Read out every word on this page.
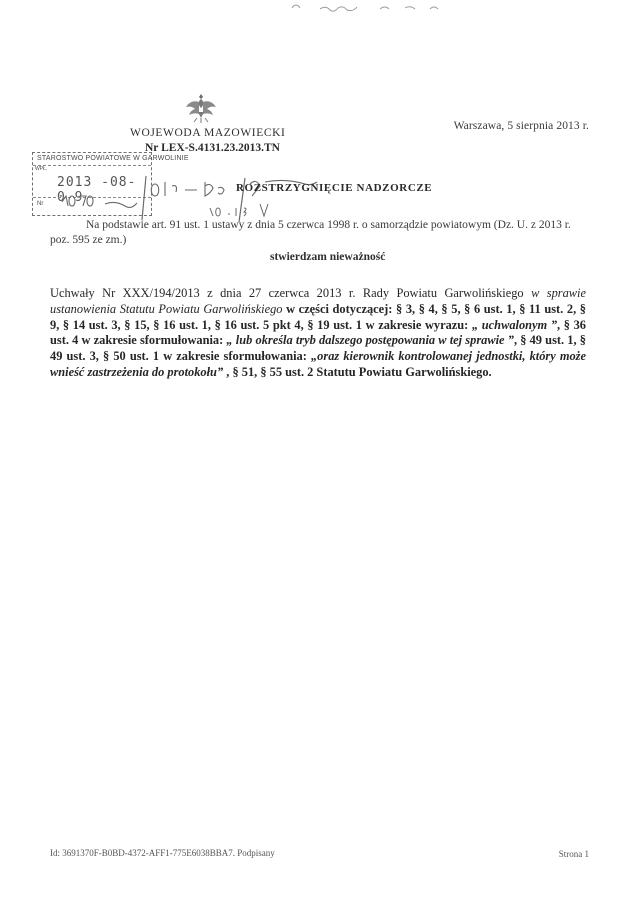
Warszawa, 5 sierpnia 2013 r.
WOJEWODA MAZOWIECKI
Nr LEX-S.4131.23.2013.TN
STAROSTWO POWIATOWE W GARWOLINIE
WPŁ.
2013 -08- 0 9
Nr
ROZSTRZYGNIĘCIE NADZORCZE
Na podstawie art. 91 ust. 1 ustawy z dnia 5 czerwca 1998 r. o samorządzie powiatowym (Dz. U. z 2013 r. poz. 595 ze zm.)
stwierdzam nieważność
Uchwały Nr XXX/194/2013 z dnia 27 czerwca 2013 r. Rady Powiatu Garwolińskiego w sprawie ustanowienia Statutu Powiatu Garwolińskiego w części dotyczącej: § 3, § 4, § 5, § 6 ust. 1, § 11 ust. 2, § 9, § 14 ust. 3, § 15, § 16 ust. 1, § 16 ust. 5 pkt 4, § 19 ust. 1 w zakresie wyrazu: „ uchwalonym ”, § 36 ust. 4 w zakresie sformułowania: „ lub określa tryb dalszego postępowania w tej sprawie ”, § 49 ust. 1, § 49 ust. 3, § 50 ust. 1 w zakresie sformułowania: „oraz kierownik kontrolowanej jednostki, który może wnieść zastrzeżenia do protokołu” , § 51, § 55 ust. 2 Statutu Powiatu Garwolińskiego.
Id: 3691370F-B0BD-4372-AFF1-775E6038BBA7. Podpisany	Strona 1
